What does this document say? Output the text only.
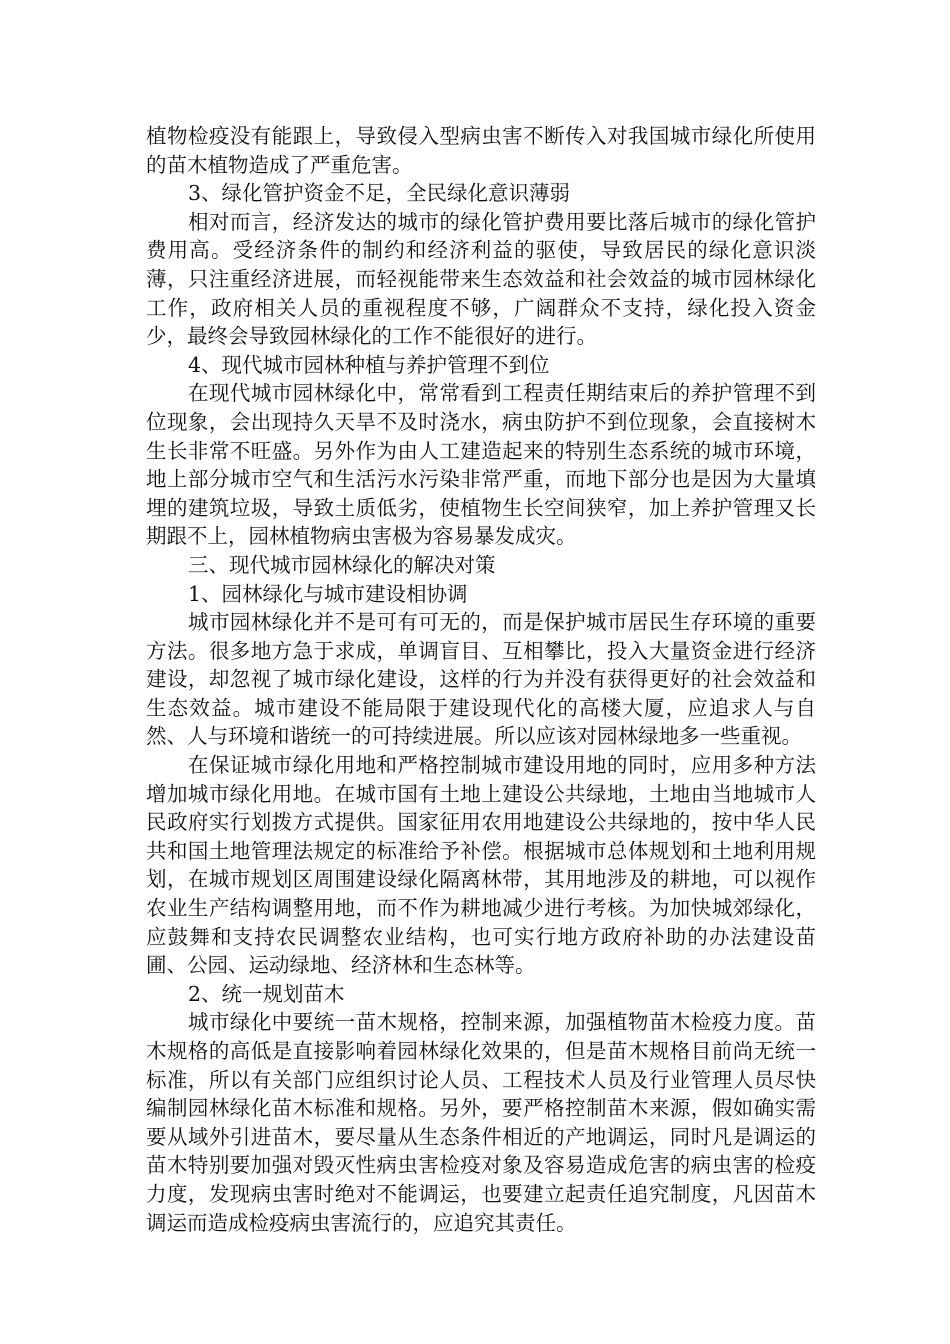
植物检疫没有能跟上，导致侵入型病虫害不断传入对我国城市绿化所使用的苗木植物造成了严重危害。

3、绿化管护资金不足，全民绿化意识薄弱

相对而言，经济发达的城市的绿化管护费用要比落后城市的绿化管护费用高。受经济条件的制约和经济利益的驱使，导致居民的绿化意识淡薄，只注重经济进展，而轻视能带来生态效益和社会效益的城市园林绿化工作，政府相关人员的重视程度不够，广阔群众不支持，绿化投入资金少，最终会导致园林绿化的工作不能很好的进行。

4、现代城市园林种植与养护管理不到位

在现代城市园林绿化中，常常看到工程责任期结束后的养护管理不到位现象，会出现持久天旱不及时浇水，病虫防护不到位现象，会直接树木生长非常不旺盛。另外作为由人工建造起来的特别生态系统的城市环境，地上部分城市空气和生活污水污染非常严重，而地下部分也是因为大量填埋的建筑垃圾，导致土质低劣，使植物生长空间狭窄，加上养护管理又长期跟不上，园林植物病虫害极为容易暴发成灾。

三、现代城市园林绿化的解决对策

1、园林绿化与城市建设相协调

城市园林绿化并不是可有可无的，而是保护城市居民生存环境的重要方法。很多地方急于求成，单调盲目、互相攀比，投入大量资金进行经济建设，却忽视了城市绿化建设，这样的行为并没有获得更好的社会效益和生态效益。城市建设不能局限于建设现代化的高楼大厦，应追求人与自然、人与环境和谐统一的可持续进展。所以应该对园林绿地多一些重视。

在保证城市绿化用地和严格控制城市建设用地的同时，应用多种方法增加城市绿化用地。在城市国有土地上建设公共绿地，土地由当地城市人民政府实行划拨方式提供。国家征用农用地建设公共绿地的，按中华人民共和国土地管理法规定的标准给予补偿。根据城市总体规划和土地利用规划，在城市规划区周围建设绿化隔离林带，其用地涉及的耕地，可以视作农业生产结构调整用地，而不作为耕地减少进行考核。为加快城郊绿化，应鼓舞和支持农民调整农业结构，也可实行地方政府补助的办法建设苗圃、公园、运动绿地、经济林和生态林等。

2、统一规划苗木

城市绿化中要统一苗木规格，控制来源，加强植物苗木检疫力度。苗木规格的高低是直接影响着园林绿化效果的，但是苗木规格目前尚无统一标准，所以有关部门应组织讨论人员、工程技术人员及行业管理人员尽快编制园林绿化苗木标准和规格。另外，要严格控制苗木来源，假如确实需要从域外引进苗木，要尽量从生态条件相近的产地调运，同时凡是调运的苗木特别要加强对毁灭性病虫害检疫对象及容易造成危害的病虫害的检疫力度，发现病虫害时绝对不能调运，也要建立起责任追究制度，凡因苗木调运而造成检疫病虫害流行的，应追究其责任。
